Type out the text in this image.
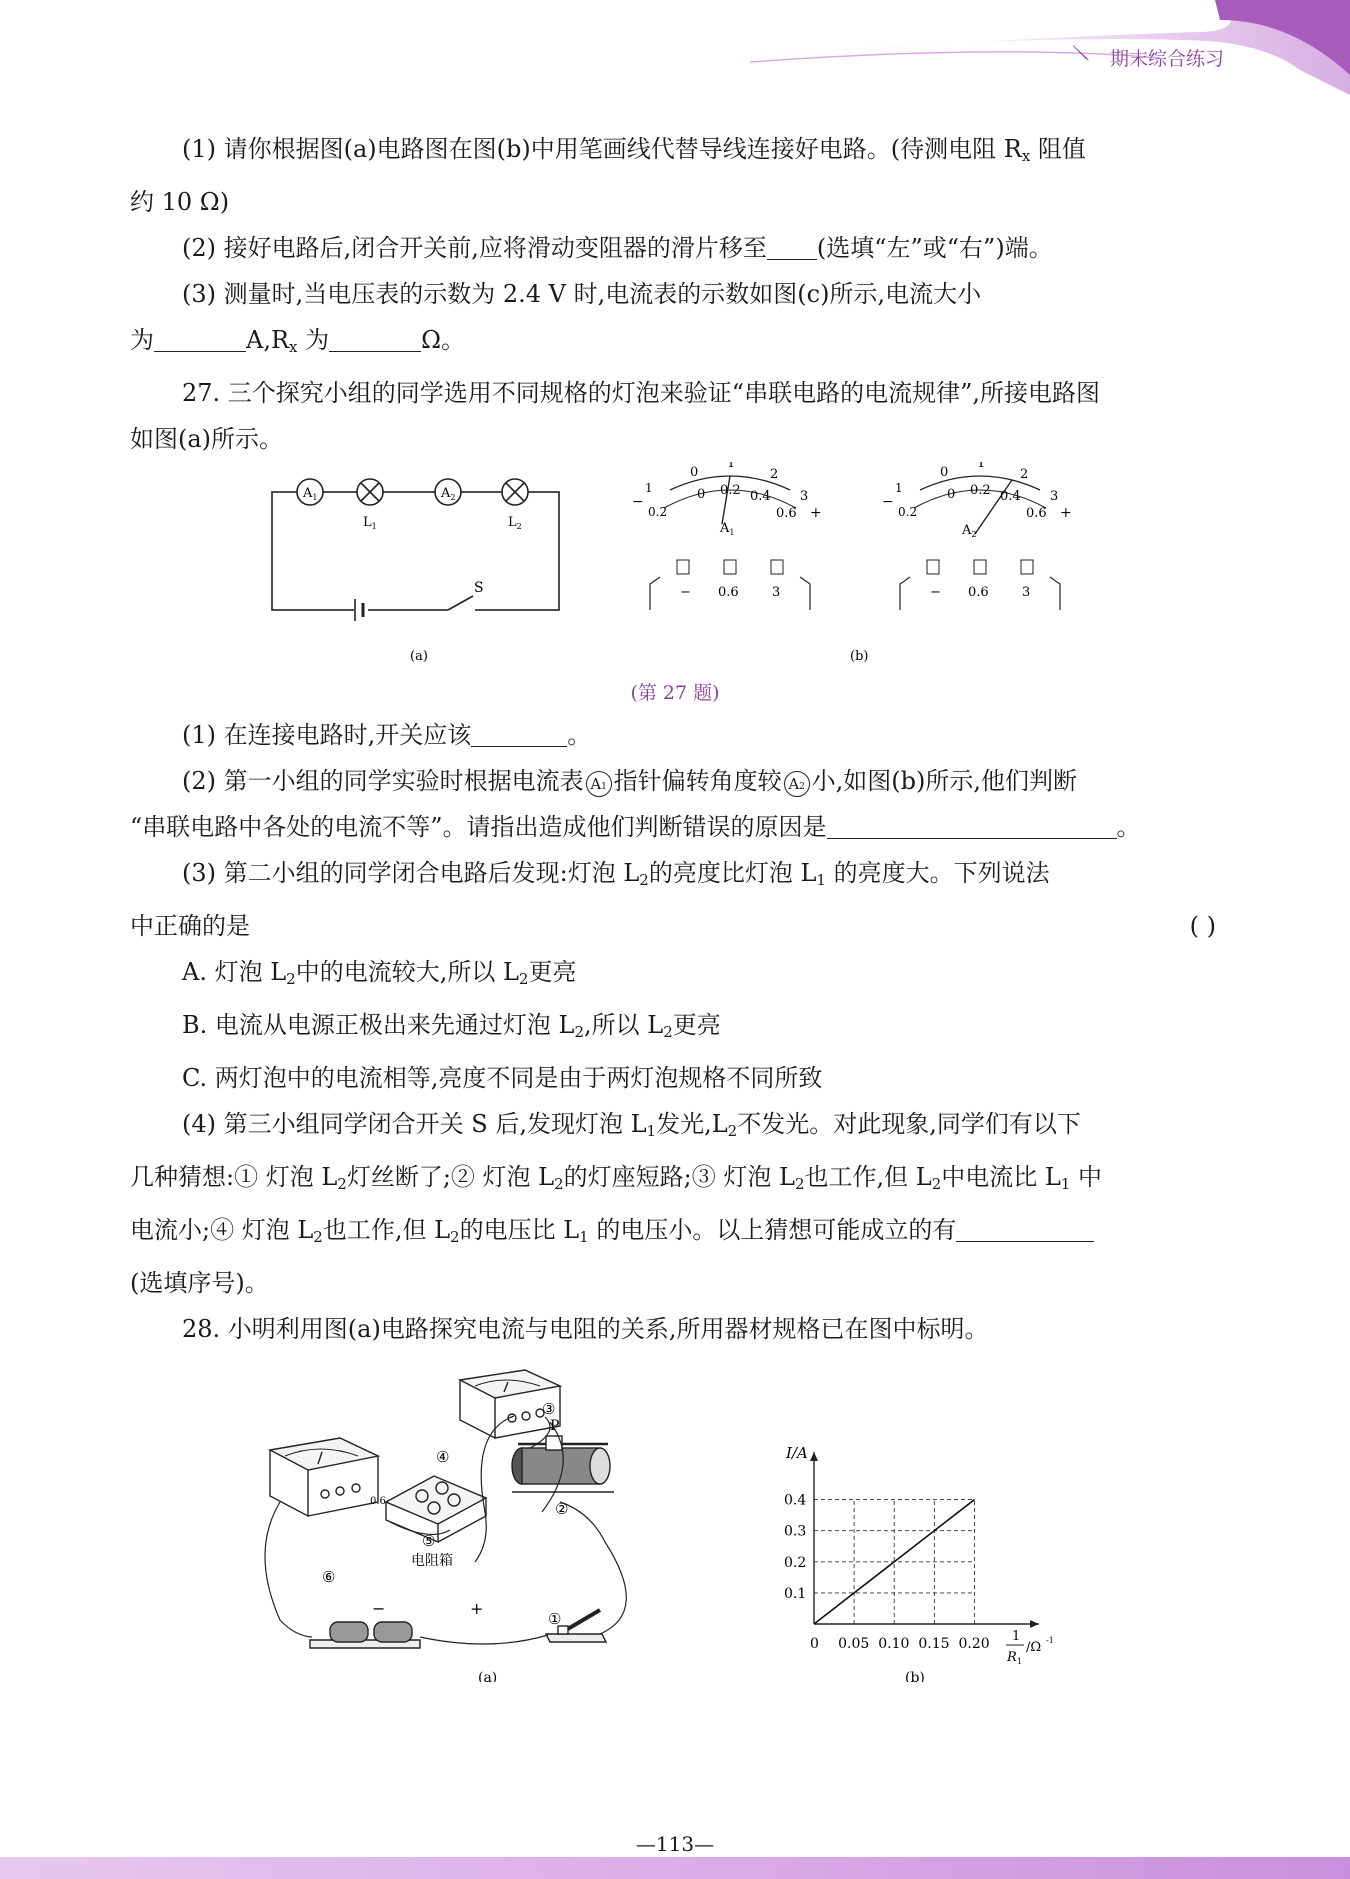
期末综合练习

(1) 请你根据图(a)电路图在图(b)中用笔画线代替导线连接好电路。(待测电阻 $R_x$ 阻值

约 10 Ω)

(2) 接好电路后,闭合开关前,应将滑动变阻器的滑片移至 (选填“左”或“右”)端。

(3) 测量时,当电压表的示数为 2.4 V 时,电流表的示数如图(c)所示,电流大小

为	$A,R_x$ 为	Ω。

27. 三个探究小组的同学选用不同规格的灯泡来验证“串联电路的电流规律”,所接电路图

如图(a)所示。

$A_1$	$A_2$
$L_1$	$L_2$
S
(a)
0
1
2
3
0 0.2 0.4
0.6
1
0.2
−
+
$A_1$
− 0.6	3
0
1
2
3
0 0.2 0.4
0.6
1
0.2
−
+
$A_2$
− 0.6	3
(b)
(第 27 题)

(1) 在连接电路时,开关应该	。

(2) 第一小组的同学实验时根据电流表 A1 指针偏转角度较 A2 小,如图(b)所示,他们判断

“串联电路中各处的电流不等”。请指出造成他们判断错误的原因是	。

(3) 第二小组的同学闭合电路后发现:灯泡 $L_2$的亮度比灯泡 $L_1$ 的亮度大。下列说法

中正确的是	( )

A. 灯泡 $L_2$中的电流较大,所以 $L_2$更亮

B. 电流从电源正极出来先通过灯泡 $L_2$,所以 $L_2$更亮

C. 两灯泡中的电流相等,亮度不同是由于两灯泡规格不同所致

(4) 第三小组同学闭合开关 S 后,发现灯泡 $L_1$发光$,L_2$不发光。对此现象,同学们有以下

几种猜想:① 灯泡 $L_2$灯丝断了;② 灯泡 $L_2$的灯座短路;③ 灯泡 $L_2$也工作,但 $L_2$中电流比 $L_1$ 中

电流小;④ 灯泡 $L_2$也工作,但 $L_2$的电压比 $L_1$ 的电压小。以上猜想可能成立的有

(选填序号)。

28. 小明利用图(a)电路探究电流与电阻的关系,所用器材规格已在图中标明。

0.6
电阻箱
P
①
②
③
④
⑤
⑥
−	+
(a)
0 0.05 0.10 0.15 0.20
0.1
0.2
0.3
0.4
I/A
1
R 1
/Ω -1
(b)
—113—
